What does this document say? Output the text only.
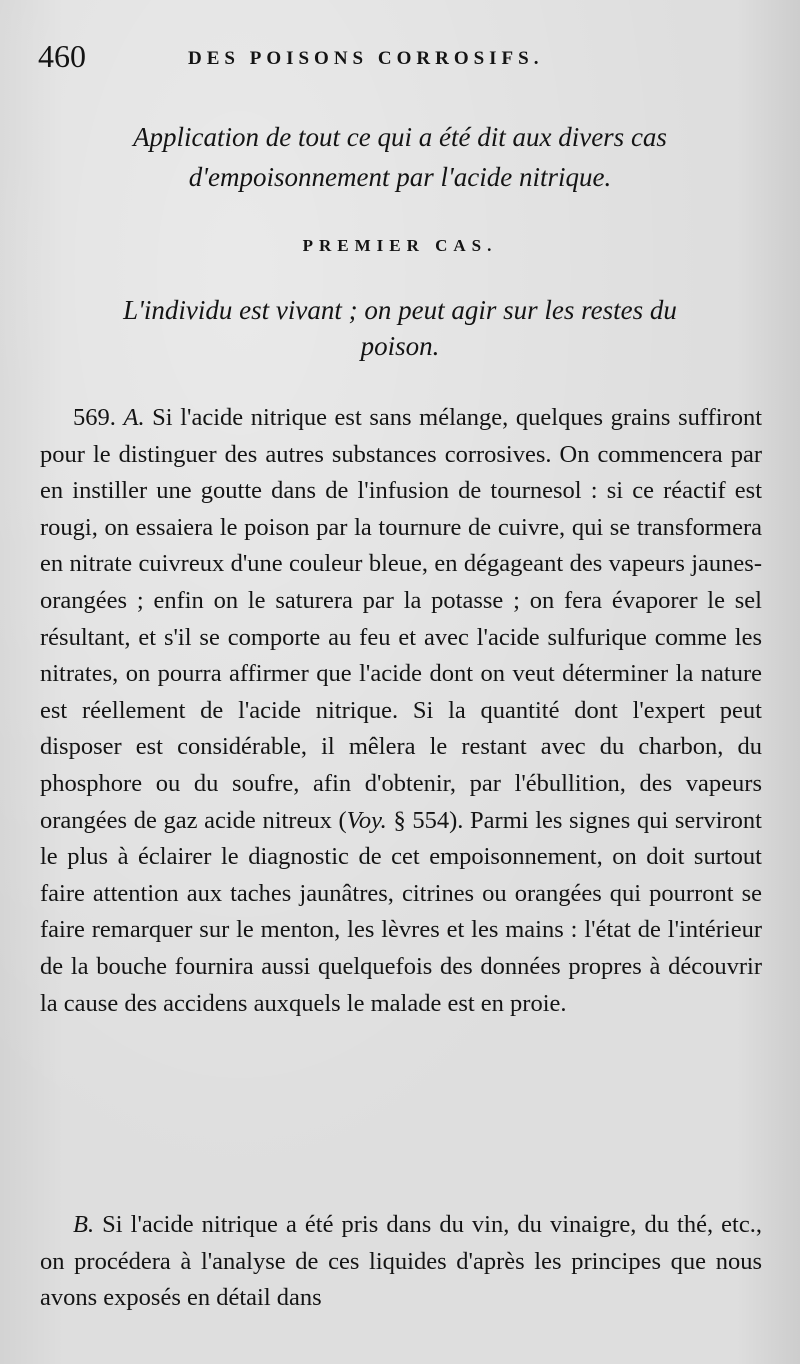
460	DES POISONS CORROSIFS.
Application de tout ce qui a été dit aux divers cas
d'empoisonnement par l'acide nitrique.
PREMIER CAS.
L'individu est vivant ; on peut agir sur les restes du
poison.

569. A. Si l'acide nitrique est sans mélange, quelques grains suffiront pour le distinguer des autres substances corrosives. On commencera par en instiller une goutte dans de l'infusion de tournesol : si ce réactif est rougi, on essaiera le poison par la tournure de cuivre, qui se transformera en nitrate cuivreux d'une couleur bleue, en dégageant des vapeurs jaunes-orangées ; enfin on le saturera par la potasse ; on fera évaporer le sel résultant, et s'il se comporte au feu et avec l'acide sulfurique comme les nitrates, on pourra affirmer que l'acide dont on veut déterminer la nature est réellement de l'acide nitrique. Si la quantité dont l'expert peut disposer est considérable, il mêlera le restant avec du charbon, du phosphore ou du soufre, afin d'obtenir, par l'ébullition, des vapeurs orangées de gaz acide nitreux (Voy. § 554). Parmi les signes qui serviront le plus à éclairer le diagnostic de cet empoisonnement, on doit surtout faire attention aux taches jaunâtres, citrines ou orangées qui pourront se faire remarquer sur le menton, les lèvres et les mains : l'état de l'intérieur de la bouche fournira aussi quelquefois des données propres à découvrir la cause des accidens auxquels le malade est en proie.

B. Si l'acide nitrique a été pris dans du vin, du vinaigre, du thé, etc., on procédera à l'analyse de ces liquides d'après les principes que nous avons exposés en détail dans
